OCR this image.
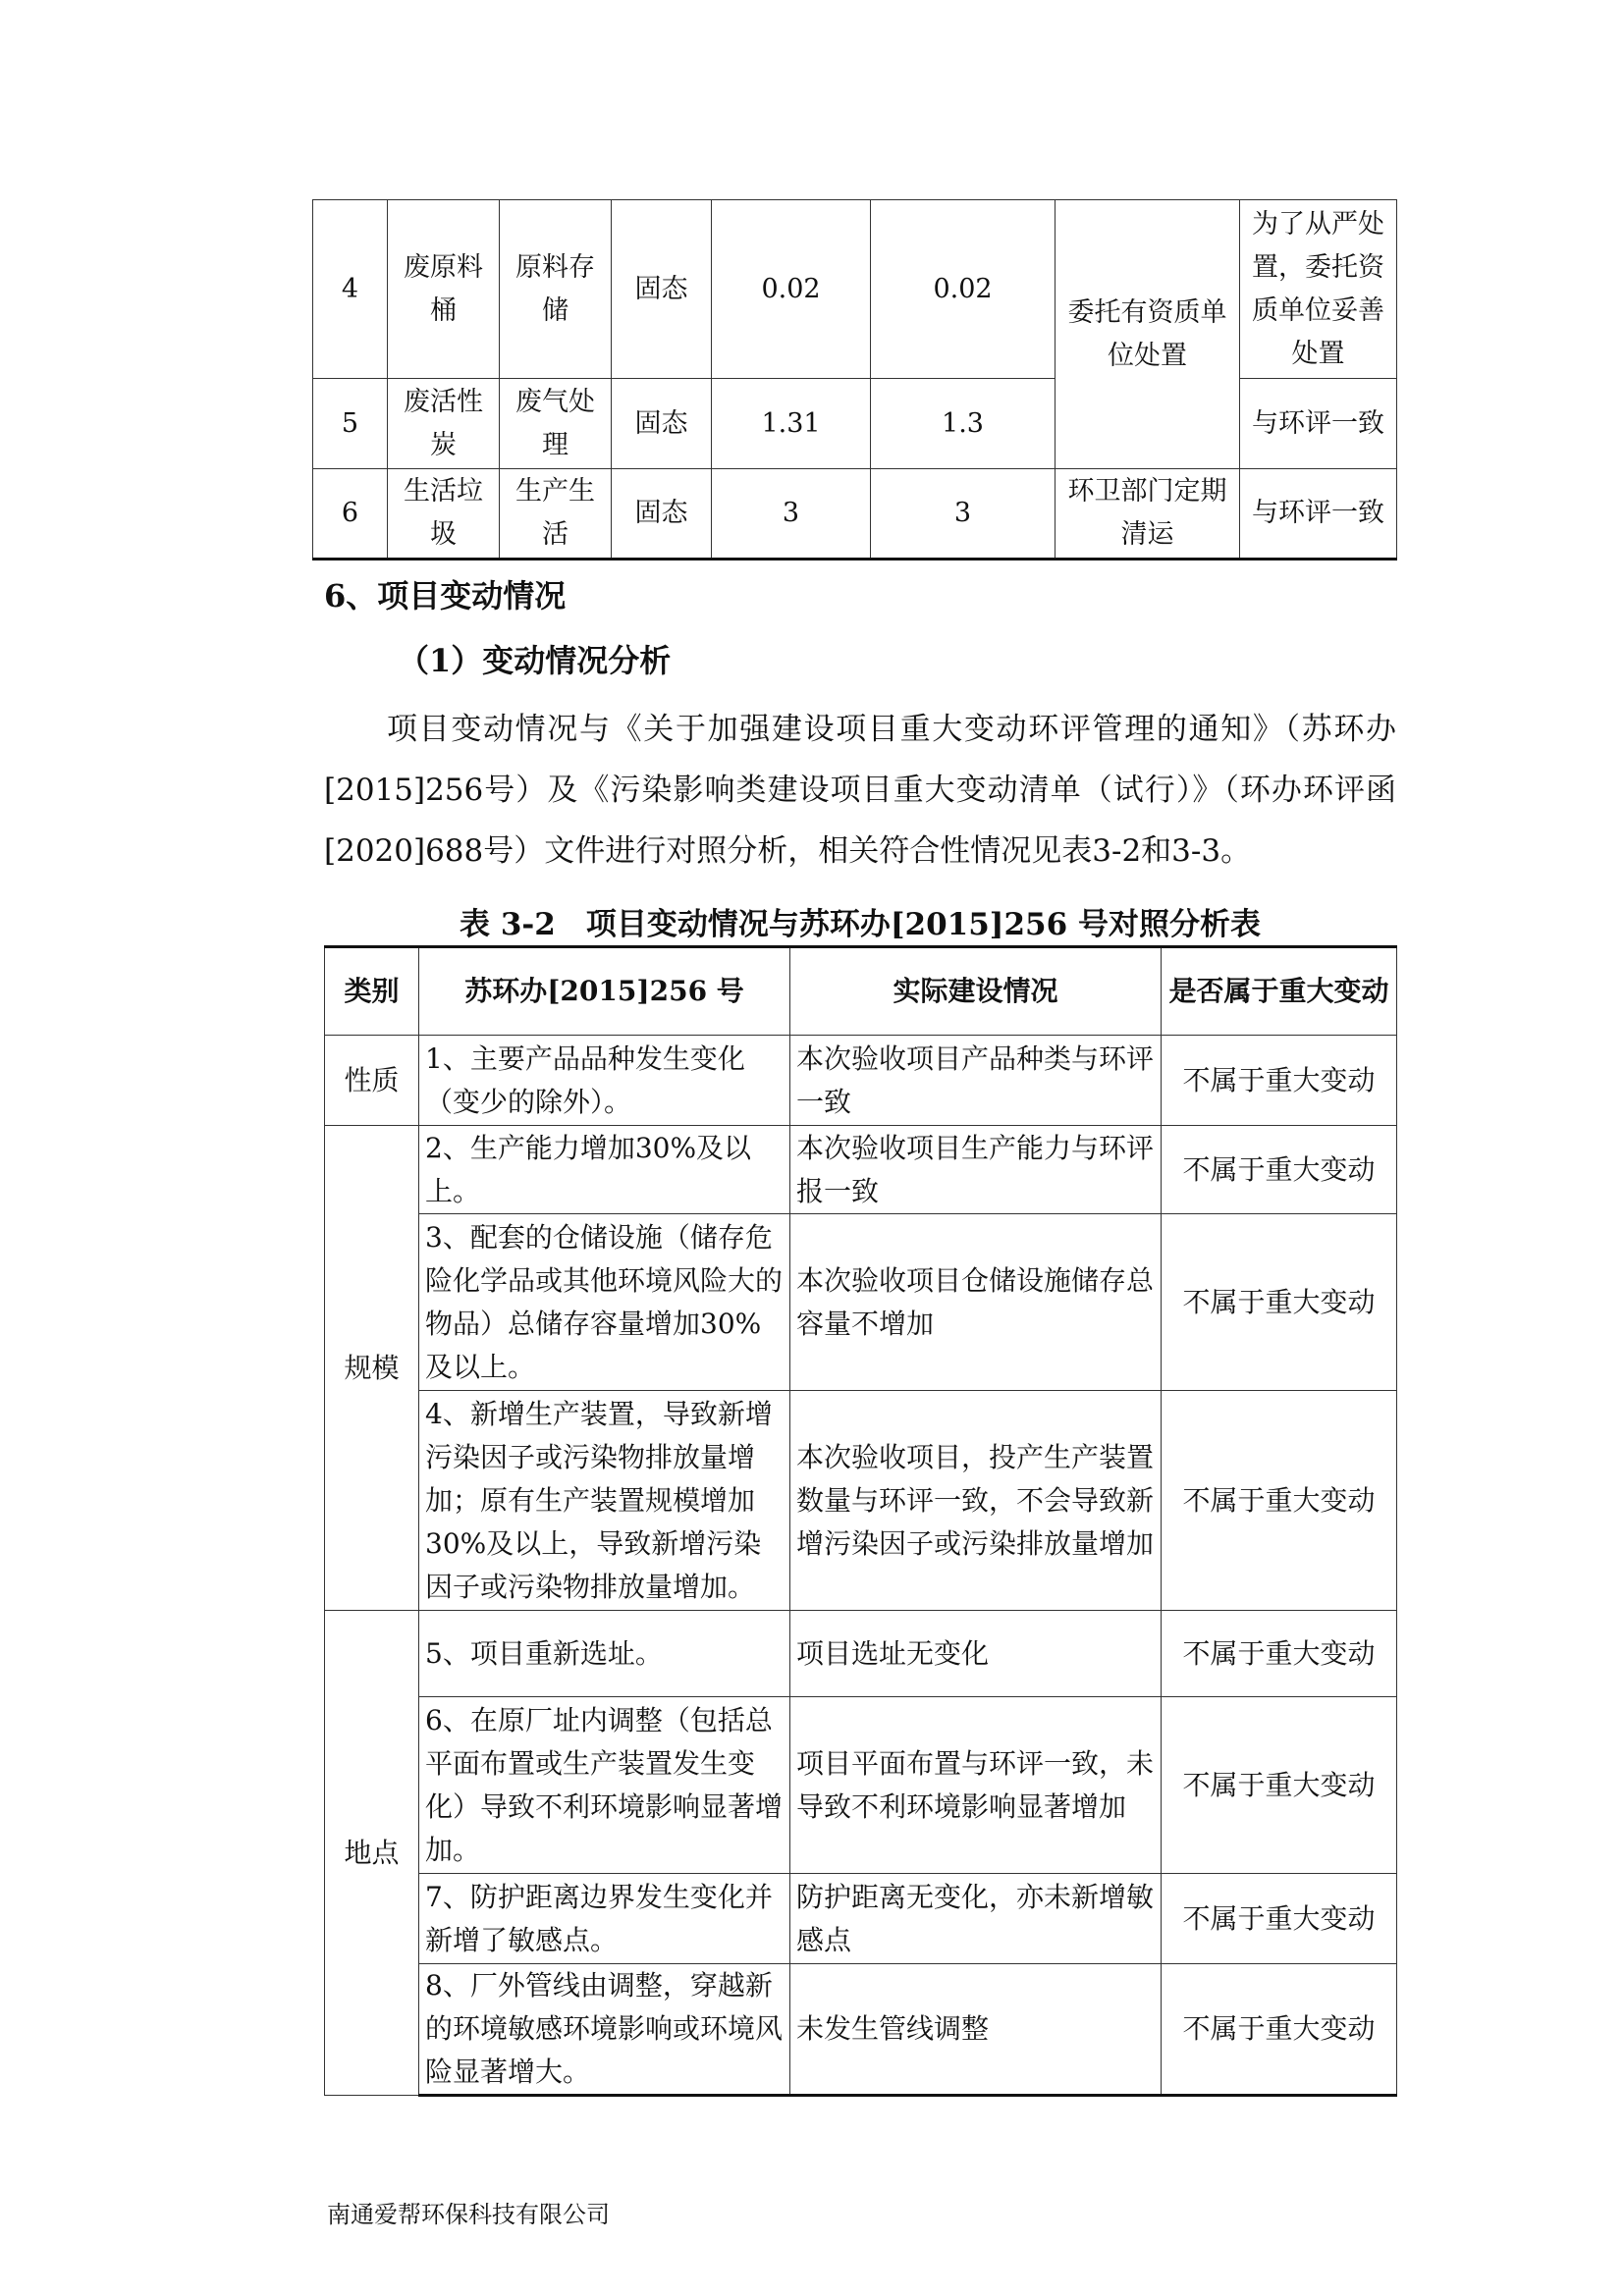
4	废原料桶	原料存储	固态	0.02	0.02	委托有资质单位处置	为了从严处置，委托资质单位妥善处置
5	废活性炭	废气处理	固态	1.31	1.3		与环评一致
6	生活垃圾	生产生活	固态	3	3	环卫部门定期清运	与环评一致
6、项目变动情况
（1）变动情况分析
项目变动情况与《关于加强建设项目重大变动环评管理的通知》（苏环办[2015]256号）及《污染影响类建设项目重大变动清单（试行）》（环办环评函[2020]688号）文件进行对照分析，相关符合性情况见表3-2和3-3。
表 3-2　项目变动情况与苏环办[2015]256 号对照分析表
类别	苏环办[2015]256 号	实际建设情况	是否属于重大变动
性质	1、主要产品品种发生变化（变少的除外）。	本次验收项目产品种类与环评一致	不属于重大变动
规模	2、生产能力增加30%及以上。	本次验收项目生产能力与环评报一致	不属于重大变动
	3、配套的仓储设施（储存危险化学品或其他环境风险大的物品）总储存容量增加30%及以上。	本次验收项目仓储设施储存总容量不增加	不属于重大变动
	4、新增生产装置，导致新增污染因子或污染物排放量增加；原有生产装置规模增加30%及以上，导致新增污染因子或污染物排放量增加。	本次验收项目，投产生产装置数量与环评一致，不会导致新增污染因子或污染排放量增加	不属于重大变动
地点	5、项目重新选址。	项目选址无变化	不属于重大变动
	6、在原厂址内调整（包括总平面布置或生产装置发生变化）导致不利环境影响显著增加。	项目平面布置与环评一致，未导致不利环境影响显著增加	不属于重大变动
	7、防护距离边界发生变化并新增了敏感点。	防护距离无变化，亦未新增敏感点	不属于重大变动
	8、厂外管线由调整，穿越新的环境敏感环境影响或环境风险显著增大。	未发生管线调整	不属于重大变动
南通爱帮环保科技有限公司
